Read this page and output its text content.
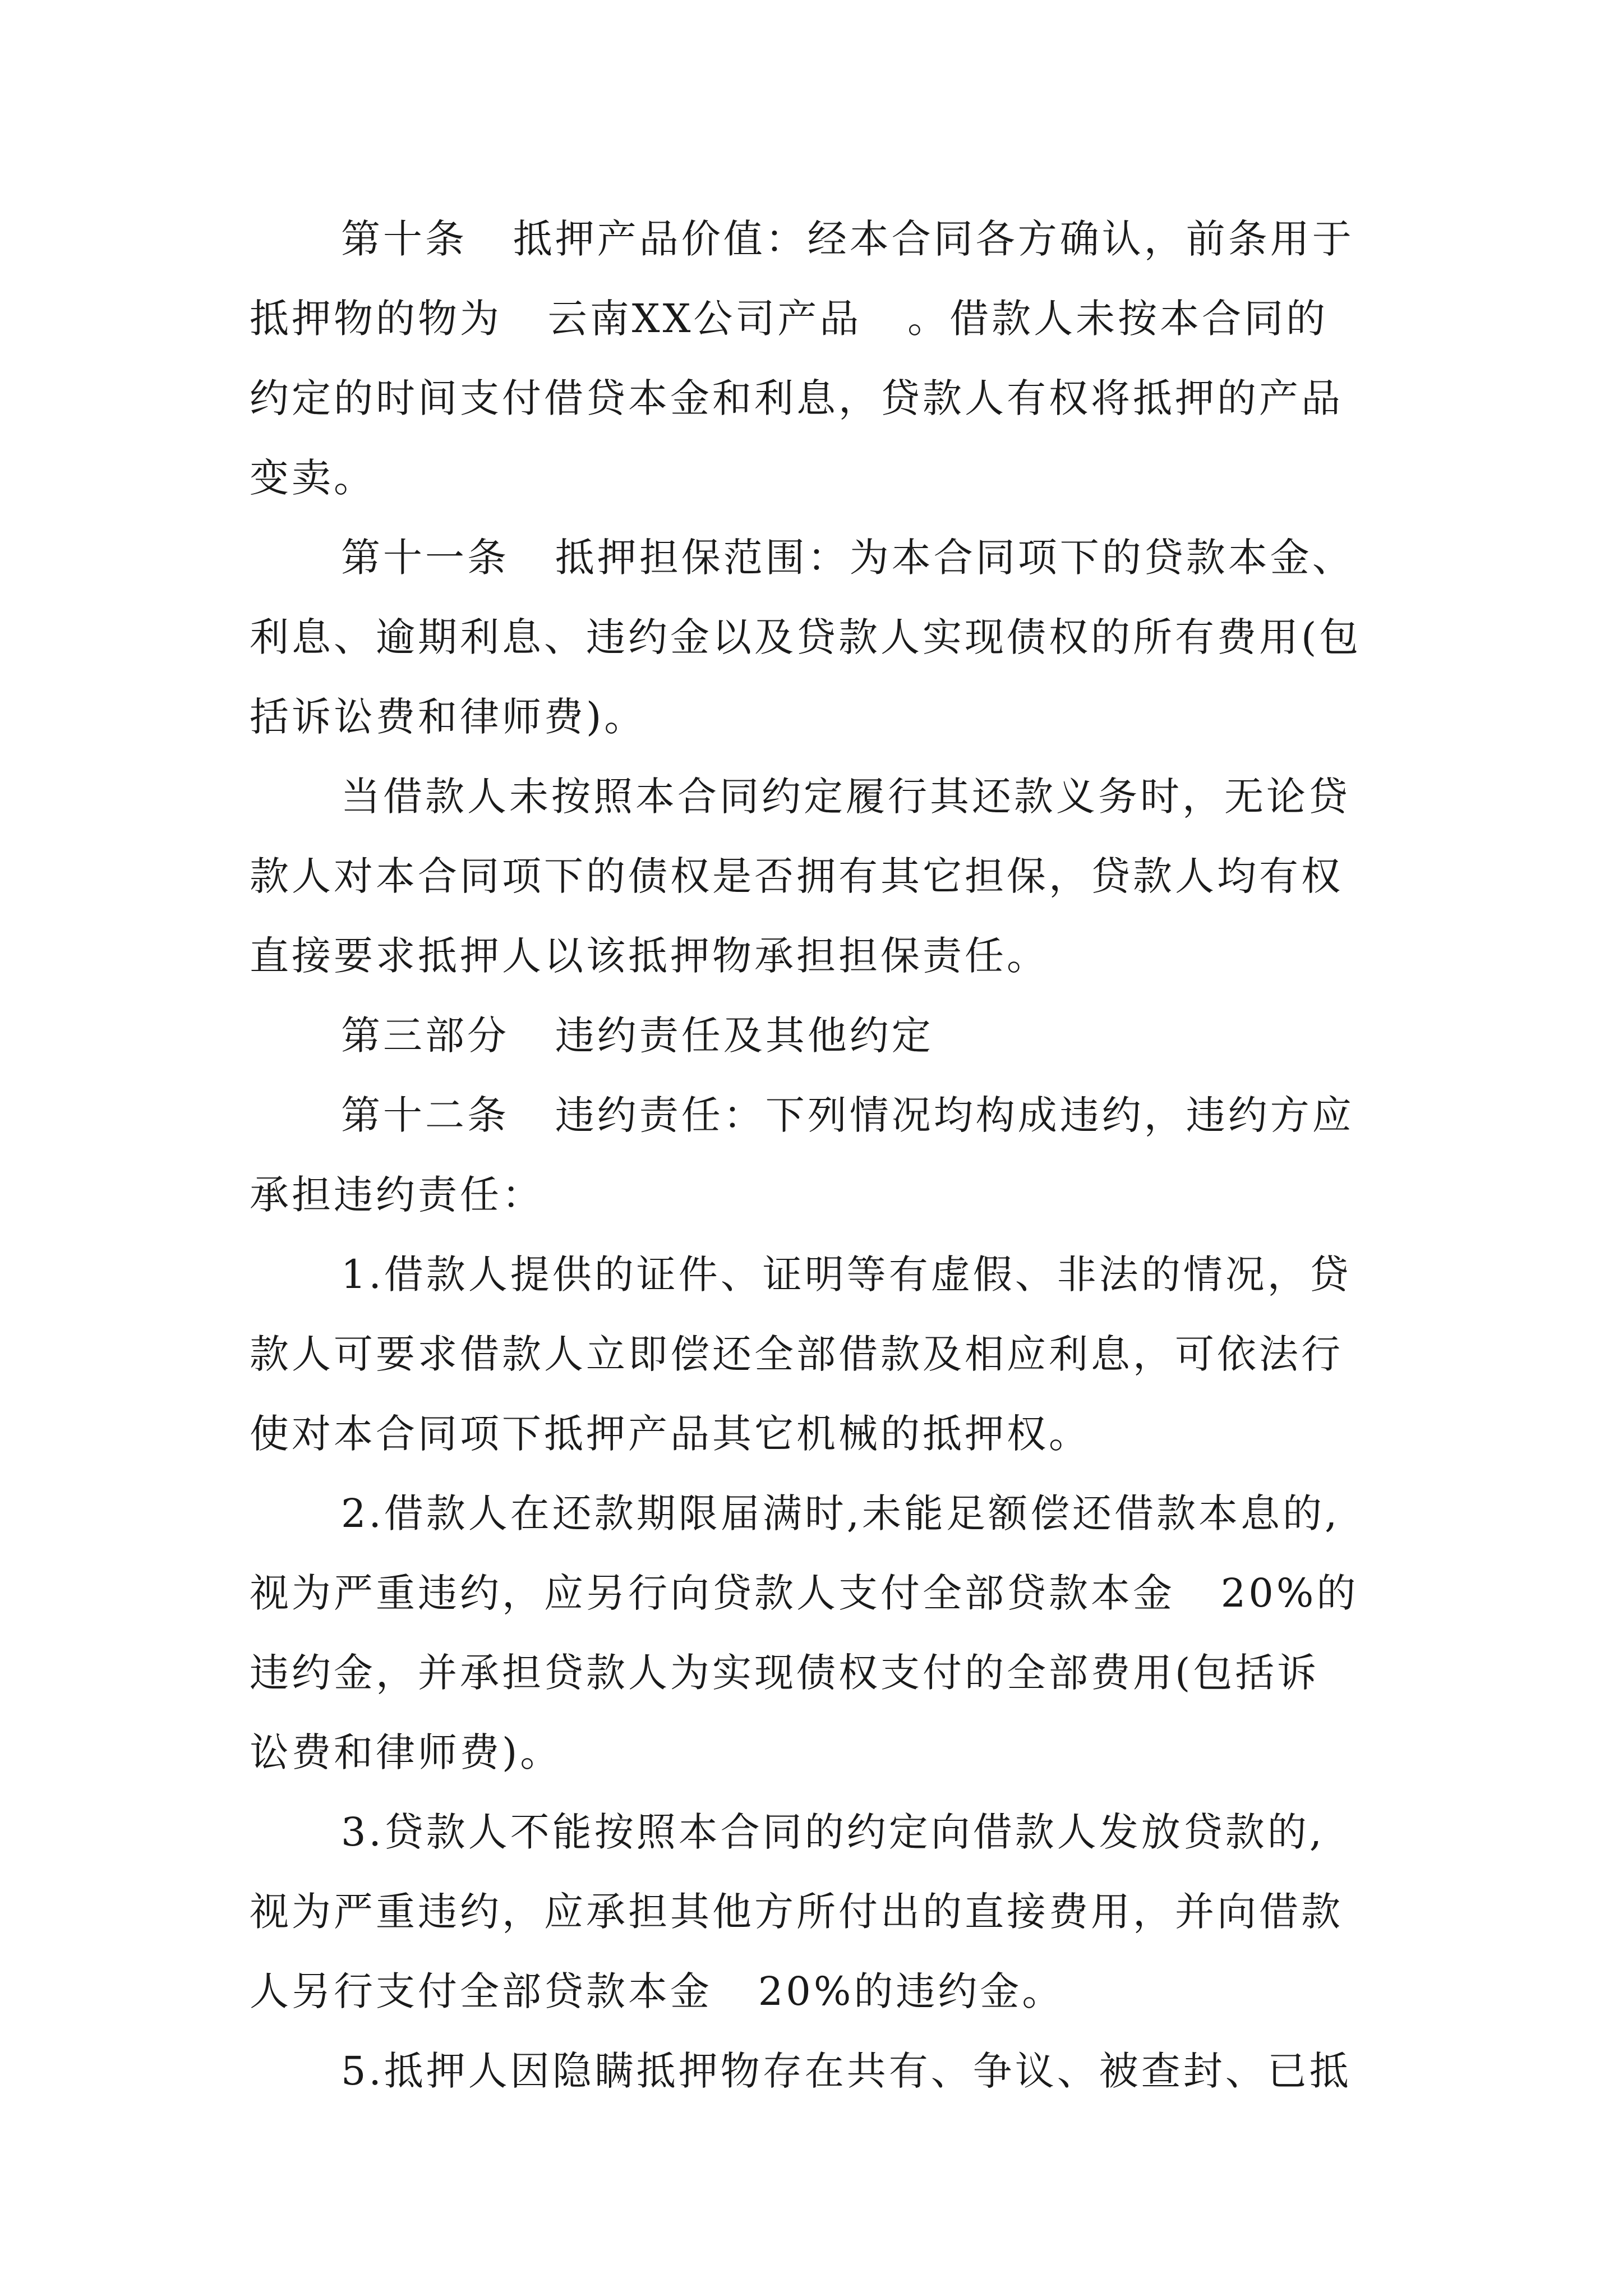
第十条   抵押产品价值：经本合同各方确认，前条用于
抵押物的物为   云南XX公司产品   。借款人未按本合同的
约定的时间支付借贷本金和利息，贷款人有权将抵押的产品
变卖。
第十一条   抵押担保范围：为本合同项下的贷款本金、
利息、逾期利息、违约金以及贷款人实现债权的所有费用(包
括诉讼费和律师费)。
当借款人未按照本合同约定履行其还款义务时，无论贷
款人对本合同项下的债权是否拥有其它担保，贷款人均有权
直接要求抵押人以该抵押物承担担保责任。
第三部分   违约责任及其他约定
第十二条   违约责任：下列情况均构成违约，违约方应
承担违约责任：
1.借款人提供的证件、证明等有虚假、非法的情况，贷
款人可要求借款人立即偿还全部借款及相应利息，可依法行
使对本合同项下抵押产品其它机械的抵押权。
2.借款人在还款期限届满时,未能足额偿还借款本息的,
视为严重违约，应另行向贷款人支付全部贷款本金   20%的
违约金，并承担贷款人为实现债权支付的全部费用(包括诉
讼费和律师费)。
3.贷款人不能按照本合同的约定向借款人发放贷款的,
视为严重违约，应承担其他方所付出的直接费用，并向借款
人另行支付全部贷款本金   20%的违约金。
5.抵押人因隐瞒抵押物存在共有、争议、被查封、已抵
